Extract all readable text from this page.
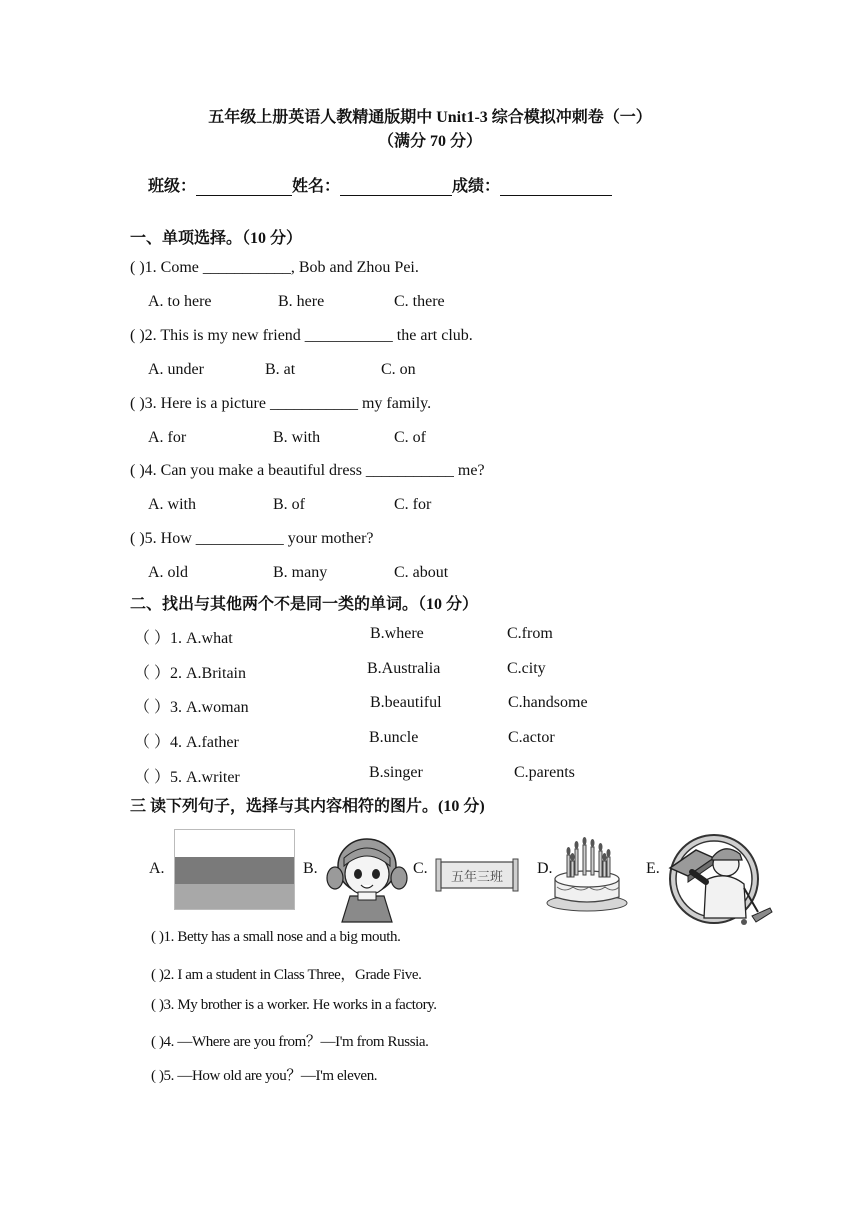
五年级上册英语人教精通版期中 Unit1-3 综合模拟冲刺卷（一）
（满分 70 分）
班级：	姓名：	成绩：
一、单项选择。（10 分）
( )1. Come ___________, Bob and Zhou Pei.
A. to here	B. here	C. there
( )2. This is my new friend ___________ the art club.
A. under	B. at	C. on
( )3. Here is a picture ___________ my family.
A. for	B. with	C. of
( )4. Can you make a beautiful dress ___________ me?
A. with	B. of	C. for
( )5. How ___________ your mother?
A. old	B. many	C. about
二、找出与其他两个不是同一类的单词。（10 分）
（ ）1. A.what	B.where	C.from
（ ）2. A.Britain	B.Australia	C.city
（ ）3. A.woman	B.beautiful	C.handsome
（ ）4. A.father	B.uncle	C.actor
（ ）5. A.writer	B.singer	C.parents
三 读下列句子，选择与其内容相符的图片。(10 分)
A.	B.	C.	D.	E.
五年三班
( )1. Betty has a small nose and a big mouth.
( )2. I am a student in Class Three，Grade Five.
( )3. My brother is a worker. He works in a factory.
( )4. —Where are you from？—I'm from Russia.
( )5. —How old are you？—I'm eleven.
